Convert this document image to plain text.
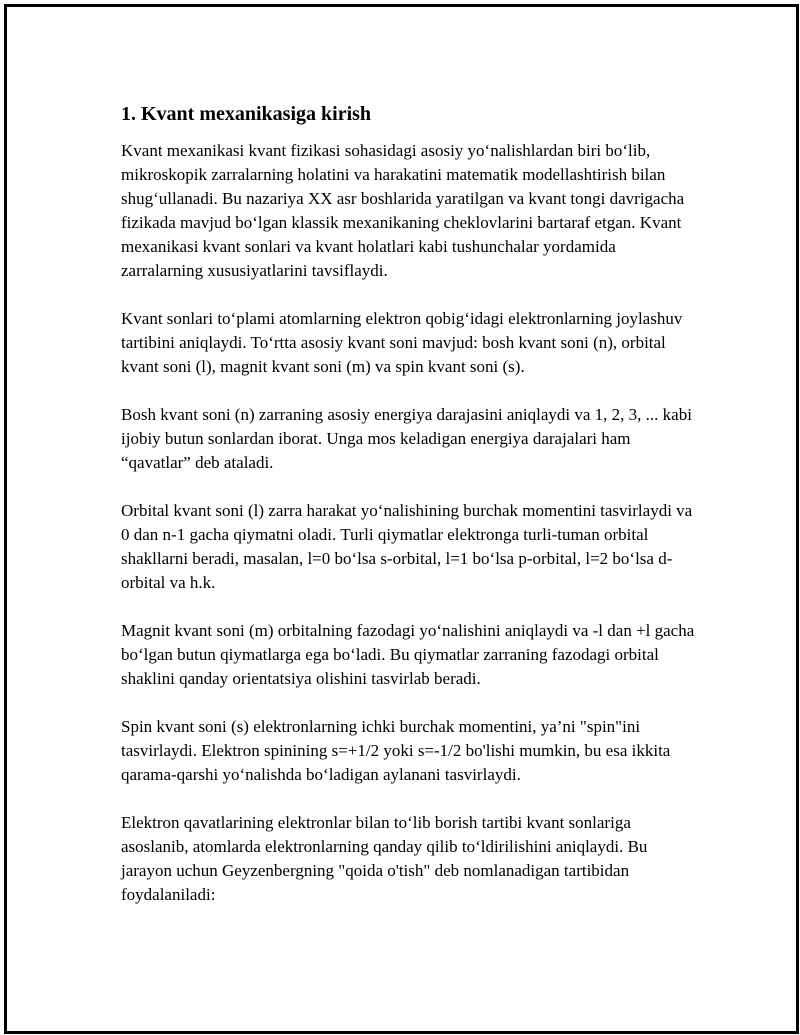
1. Kvant mexanikasiga kirish

Kvant mexanikasi kvant fizikasi sohasidagi asosiy yo‘nalishlardan biri bo‘lib, mikroskopik zarralarning holatini va harakatini matematik modellashtirish bilan shug‘ullanadi. Bu nazariya XX asr boshlarida yaratilgan va kvant tongi davrigacha fizikada mavjud bo‘lgan klassik mexanikaning cheklovlarini bartaraf etgan. Kvant mexanikasi kvant sonlari va kvant holatlari kabi tushunchalar yordamida zarralarning xususiyatlarini tavsiflaydi.

Kvant sonlari to‘plami atomlarning elektron qobig‘idagi elektronlarning joylashuv tartibini aniqlaydi. To‘rtta asosiy kvant soni mavjud: bosh kvant soni (n), orbital kvant soni (l), magnit kvant soni (m) va spin kvant soni (s).

Bosh kvant soni (n) zarraning asosiy energiya darajasini aniqlaydi va 1, 2, 3, ... kabi ijobiy butun sonlardan iborat. Unga mos keladigan energiya darajalari ham “qavatlar” deb ataladi.

Orbital kvant soni (l) zarra harakat yo‘nalishining burchak momentini tasvirlaydi va 0 dan n-1 gacha qiymatni oladi. Turli qiymatlar elektronga turli-tuman orbital shakllarni beradi, masalan, l=0 bo‘lsa s-orbital, l=1 bo‘lsa p-orbital, l=2 bo‘lsa d-orbital va h.k.

Magnit kvant soni (m) orbitalning fazodagi yo‘nalishini aniqlaydi va -l dan +l gacha bo‘lgan butun qiymatlarga ega bo‘ladi. Bu qiymatlar zarraning fazodagi orbital shaklini qanday orientatsiya olishini tasvirlab beradi.

Spin kvant soni (s) elektronlarning ichki burchak momentini, ya’ni "spin"ini tasvirlaydi. Elektron spinining s=+1/2 yoki s=-1/2 bo'lishi mumkin, bu esa ikkita qarama-qarshi yo‘nalishda bo‘ladigan aylanani tasvirlaydi.

Elektron qavatlarining elektronlar bilan to‘lib borish tartibi kvant sonlariga asoslanib, atomlarda elektronlarning qanday qilib to‘ldirilishini aniqlaydi. Bu jarayon uchun Geyzenbergning "qoida o'tish" deb nomlanadigan tartibidan foydalaniladi:
